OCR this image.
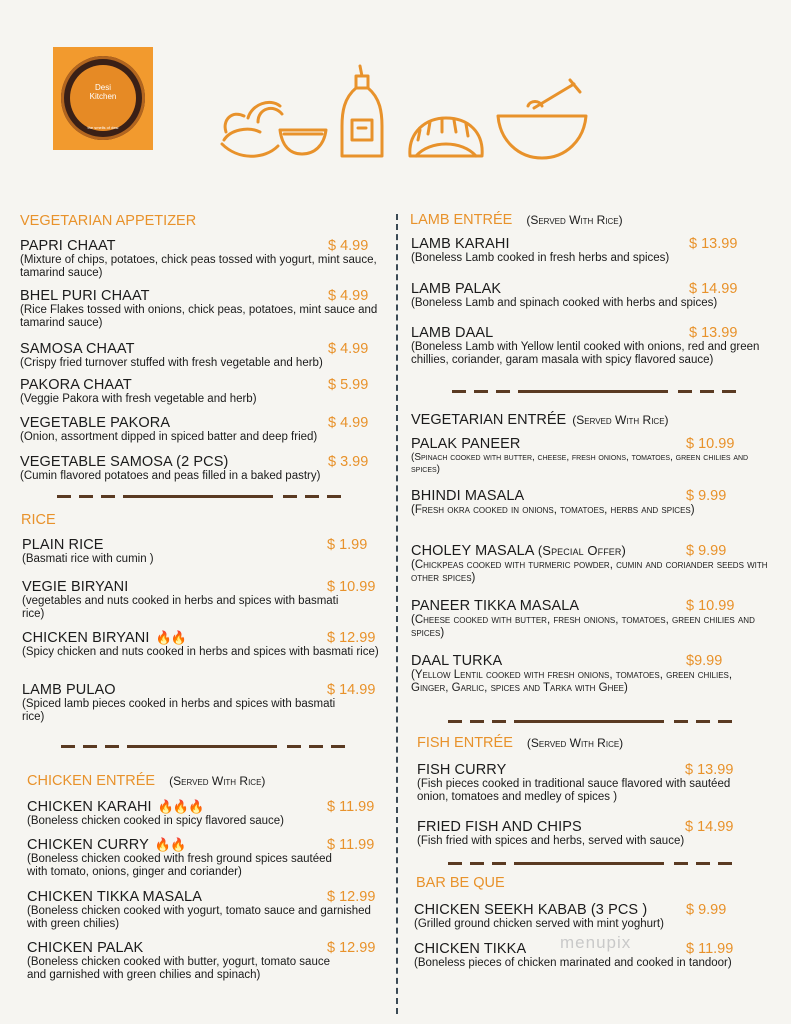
Desi
Kitchen
the smells of desi
VEGETARIAN APPETIZER
PAPRI CHAAT	$ 4.99
(Mixture of chips, potatoes, chick peas tossed with yogurt, mint sauce, tamarind sauce)
BHEL PURI CHAAT	$ 4.99
(Rice Flakes tossed with onions, chick peas, potatoes, mint sauce and tamarind sauce)
SAMOSA CHAAT	$ 4.99
(Crispy fried turnover stuffed with fresh vegetable and herb)
PAKORA CHAAT	$ 5.99
(Veggie Pakora with fresh vegetable and herb)
VEGETABLE PAKORA	$ 4.99
(Onion, assortment dipped in spiced batter and deep fried)
VEGETABLE SAMOSA (2 PCS)	$ 3.99
(Cumin flavored potatoes and peas filled in a baked pastry)
RICE
PLAIN RICE	$ 1.99
(Basmati rice with cumin )
VEGIE BIRYANI	$ 10.99
(vegetables and nuts cooked in herbs and spices with basmati rice)
CHICKEN BIRYANI 🔥🔥	$ 12.99
(Spicy chicken and nuts cooked in herbs and spices with basmati rice)
LAMB PULAO	$ 14.99
(Spiced lamb pieces cooked in herbs and spices with basmati rice)
CHICKEN ENTRÉE (Served With Rice)
CHICKEN KARAHI 🔥🔥🔥	$ 11.99
(Boneless chicken cooked in spicy flavored sauce)
CHICKEN CURRY 🔥🔥	$ 11.99
(Boneless chicken cooked with fresh ground spices sautéed with tomato, onions, ginger and coriander)
CHICKEN TIKKA MASALA	$ 12.99
(Boneless chicken cooked with yogurt, tomato sauce and garnished with green chilies)
CHICKEN PALAK	$ 12.99
(Boneless chicken cooked with butter, yogurt, tomato sauce and garnished with green chilies and spinach)
LAMB ENTRÉE (Served With Rice)
LAMB KARAHI	$ 13.99
(Boneless Lamb cooked in fresh herbs and spices)
LAMB PALAK	$ 14.99
(Boneless Lamb and spinach cooked with herbs and spices)
LAMB DAAL	$ 13.99
(Boneless Lamb with Yellow lentil cooked with onions, red and green chillies, coriander, garam masala with spicy flavored sauce)
VEGETARIAN ENTRÉE (Served With Rice)
PALAK PANEER	$ 10.99
(Spinach cooked with butter, cheese, fresh onions, tomatoes, green chilies and spices)
BHINDI MASALA	$ 9.99
(Fresh okra cooked in onions, tomatoes, herbs and spices)
CHOLEY MASALA (Special Offer)	$ 9.99
(Chickpeas cooked with turmeric powder, cumin and coriander seeds with other spices)
PANEER TIKKA MASALA	$ 10.99
(Cheese cooked with butter, fresh onions, tomatoes, green chilies and spices)
DAAL TURKA	$9.99
(Yellow Lentil cooked with fresh onions, tomatoes, green chilies, Ginger, Garlic, spices and Tarka with Ghee)
FISH ENTRÉE (Served With Rice)
FISH CURRY	$ 13.99
(Fish pieces cooked in traditional sauce flavored with sautéed onion, tomatoes and medley of spices )
FRIED FISH AND CHIPS	$ 14.99
(Fish fried with spices and herbs, served with sauce)
BAR BE QUE
CHICKEN SEEKH KABAB (3 PCS )	$ 9.99
(Grilled ground chicken served with mint yoghurt)
CHICKEN TIKKA	$ 11.99
(Boneless pieces of chicken marinated and cooked in tandoor)
menupix
